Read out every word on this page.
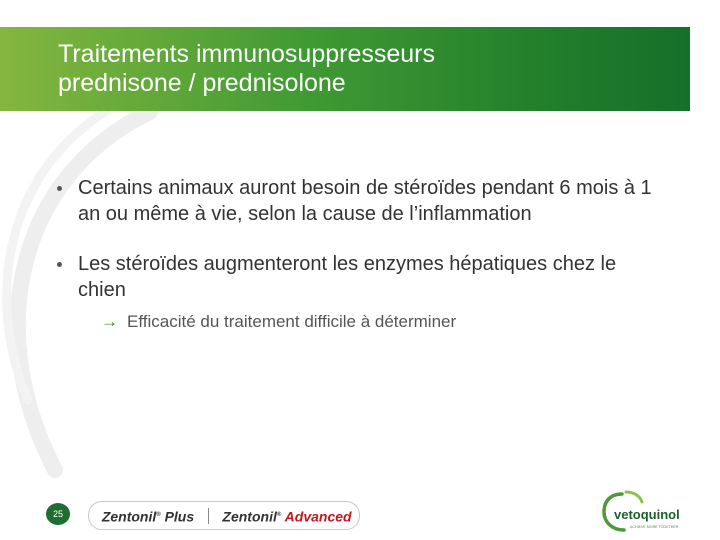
Traitements immunosuppresseurs
prednisone / prednisolone
Certains animaux auront besoin de stéroïdes pendant 6 mois à 1 an ou même à vie, selon la cause de l’inflammation
Les stéroïdes augmenteront les enzymes hépatiques chez le chien
→ Efficacité du traitement difficile à déterminer
25	Zentonil® Plus	Zentonil® Advanced	vetoquinol
ACHIEVE MORE TOGETHER
